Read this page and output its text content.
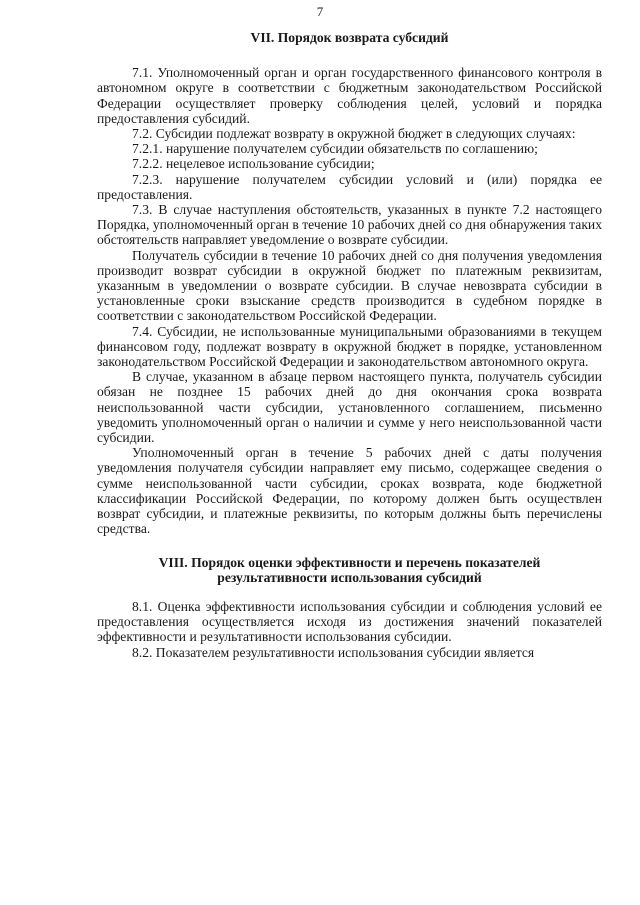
7
VII. Порядок возврата субсидий

7.1. Уполномоченный орган и орган государственного финансового контроля в автономном округе в соответствии с бюджетным законодательством Российской Федерации осуществляет проверку соблюдения целей, условий и порядка предоставления субсидий.

7.2. Субсидии подлежат возврату в окружной бюджет в следующих случаях:

7.2.1. нарушение получателем субсидии обязательств по соглашению;

7.2.2. нецелевое использование субсидии;

7.2.3. нарушение получателем субсидии условий и (или) порядка ее предоставления.

7.3. В случае наступления обстоятельств, указанных в пункте 7.2 настоящего Порядка, уполномоченный орган в течение 10 рабочих дней со дня обнаружения таких обстоятельств направляет уведомление о возврате субсидии.

Получатель субсидии в течение 10 рабочих дней со дня получения уведомления производит возврат субсидии в окружной бюджет по платежным реквизитам, указанным в уведомлении о возврате субсидии. В случае невозврата субсидии в установленные сроки взыскание средств производится в судебном порядке в соответствии с законодательством Российской Федерации.

7.4. Субсидии, не использованные муниципальными образованиями в текущем финансовом году, подлежат возврату в окружной бюджет в порядке, установленном законодательством Российской Федерации и законодательством автономного округа.

В случае, указанном в абзаце первом настоящего пункта, получатель субсидии обязан не позднее 15 рабочих дней до дня окончания срока возврата неиспользованной части субсидии, установленного соглашением, письменно уведомить уполномоченный орган о наличии и сумме у него неиспользованной части субсидии.

Уполномоченный орган в течение 5 рабочих дней с даты получения уведомления получателя субсидии направляет ему письмо, содержащее сведения о сумме неиспользованной части субсидии, сроках возврата, коде бюджетной классификации Российской Федерации, по которому должен быть осуществлен возврат субсидии, и платежные реквизиты, по которым должны быть перечислены средства.

VIII. Порядок оценки эффективности и перечень показателей
результативности использования субсидий

8.1. Оценка эффективности использования субсидии и соблюдения условий ее предоставления осуществляется исходя из достижения значений показателей эффективности и результативности использования субсидии.

8.2. Показателем результативности использования субсидии является
